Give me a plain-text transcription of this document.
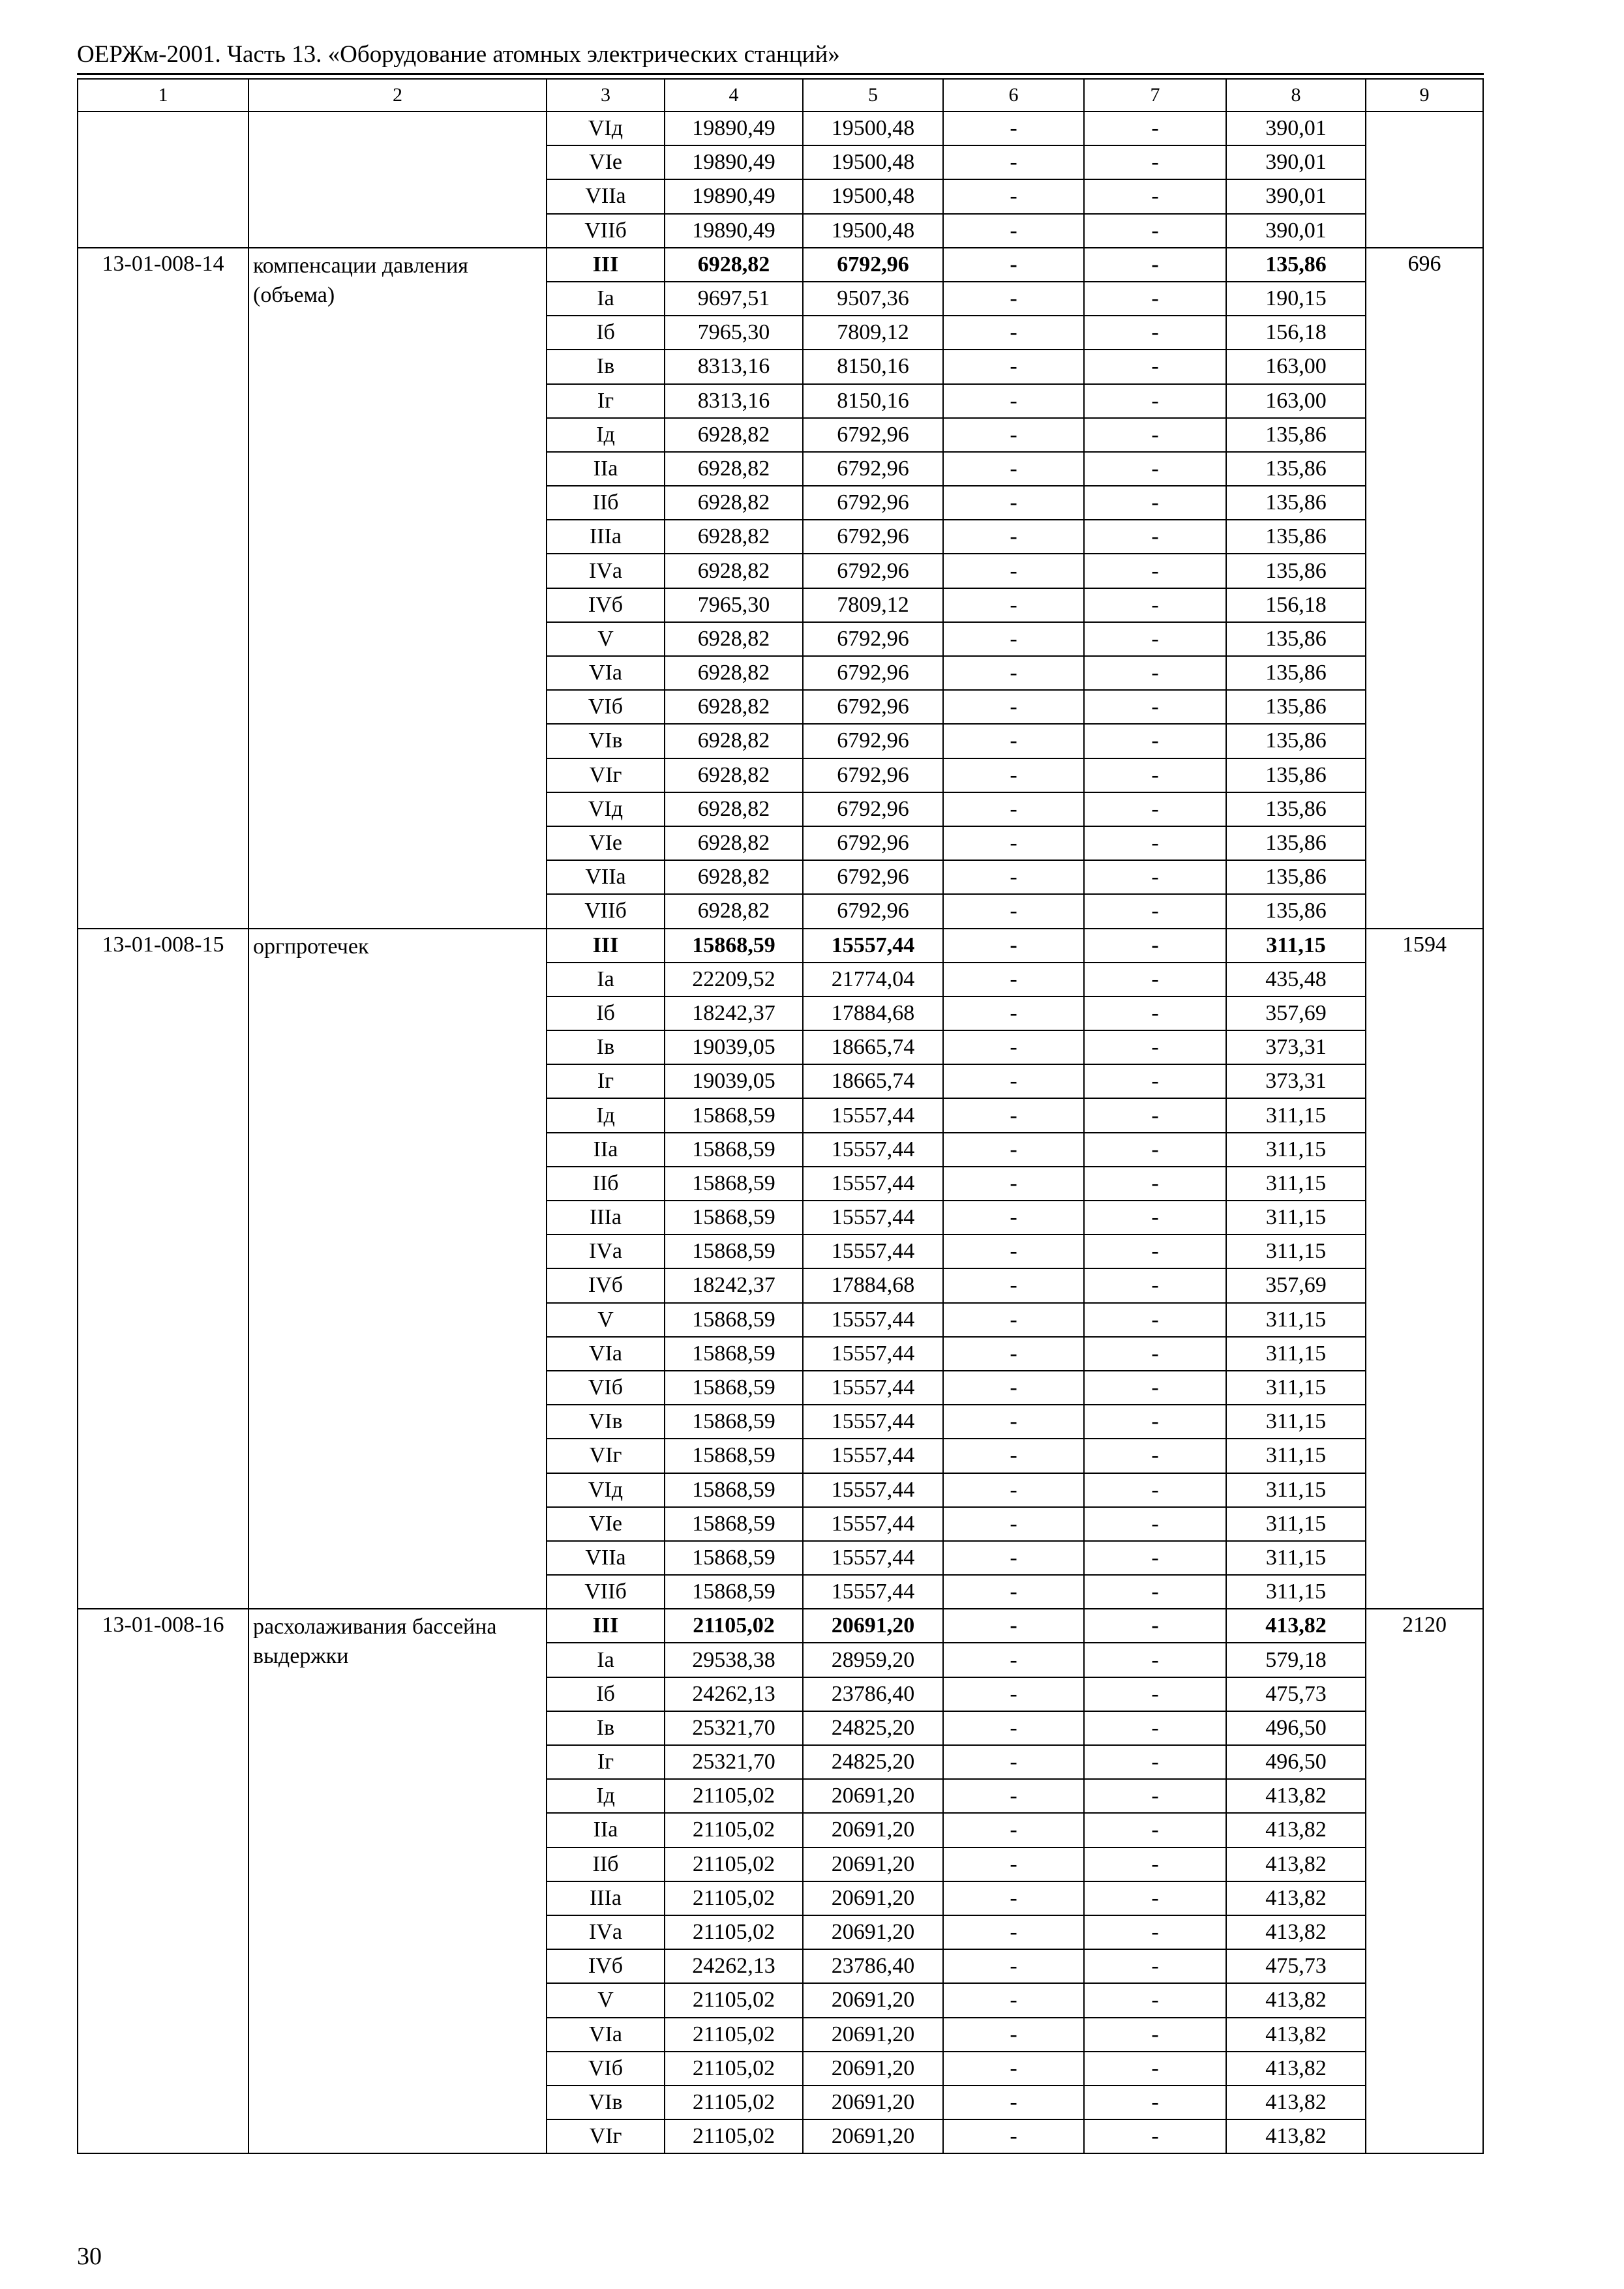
ОЕРЖм-2001. Часть 13. «Оборудование атомных электрических станций»
1	2	3	4	5	6	7	8	9
		VIд	19890,49	19500,48	-	-	390,01	
		VIе	19890,49	19500,48	-	-	390,01	
		VIIа	19890,49	19500,48	-	-	390,01	
		VIIб	19890,49	19500,48	-	-	390,01	
13-01-008-14	компенсации давления (объема)	III	6928,82	6792,96	-	-	135,86	696
		Iа	9697,51	9507,36	-	-	190,15	
		Iб	7965,30	7809,12	-	-	156,18	
		Iв	8313,16	8150,16	-	-	163,00	
		Iг	8313,16	8150,16	-	-	163,00	
		Iд	6928,82	6792,96	-	-	135,86	
		IIа	6928,82	6792,96	-	-	135,86	
		IIб	6928,82	6792,96	-	-	135,86	
		IIIа	6928,82	6792,96	-	-	135,86	
		IVа	6928,82	6792,96	-	-	135,86	
		IVб	7965,30	7809,12	-	-	156,18	
		V	6928,82	6792,96	-	-	135,86	
		VIа	6928,82	6792,96	-	-	135,86	
		VIб	6928,82	6792,96	-	-	135,86	
		VIв	6928,82	6792,96	-	-	135,86	
		VIг	6928,82	6792,96	-	-	135,86	
		VIд	6928,82	6792,96	-	-	135,86	
		VIе	6928,82	6792,96	-	-	135,86	
		VIIа	6928,82	6792,96	-	-	135,86	
		VIIб	6928,82	6792,96	-	-	135,86	
13-01-008-15	оргпротечек	III	15868,59	15557,44	-	-	311,15	1594
		Iа	22209,52	21774,04	-	-	435,48	
		Iб	18242,37	17884,68	-	-	357,69	
		Iв	19039,05	18665,74	-	-	373,31	
		Iг	19039,05	18665,74	-	-	373,31	
		Iд	15868,59	15557,44	-	-	311,15	
		IIа	15868,59	15557,44	-	-	311,15	
		IIб	15868,59	15557,44	-	-	311,15	
		IIIа	15868,59	15557,44	-	-	311,15	
		IVа	15868,59	15557,44	-	-	311,15	
		IVб	18242,37	17884,68	-	-	357,69	
		V	15868,59	15557,44	-	-	311,15	
		VIа	15868,59	15557,44	-	-	311,15	
		VIб	15868,59	15557,44	-	-	311,15	
		VIв	15868,59	15557,44	-	-	311,15	
		VIг	15868,59	15557,44	-	-	311,15	
		VIд	15868,59	15557,44	-	-	311,15	
		VIе	15868,59	15557,44	-	-	311,15	
		VIIа	15868,59	15557,44	-	-	311,15	
		VIIб	15868,59	15557,44	-	-	311,15	
13-01-008-16	расхолаживания бассейна выдержки	III	21105,02	20691,20	-	-	413,82	2120
		Iа	29538,38	28959,20	-	-	579,18	
		Iб	24262,13	23786,40	-	-	475,73	
		Iв	25321,70	24825,20	-	-	496,50	
		Iг	25321,70	24825,20	-	-	496,50	
		Iд	21105,02	20691,20	-	-	413,82	
		IIа	21105,02	20691,20	-	-	413,82	
		IIб	21105,02	20691,20	-	-	413,82	
		IIIа	21105,02	20691,20	-	-	413,82	
		IVа	21105,02	20691,20	-	-	413,82	
		IVб	24262,13	23786,40	-	-	475,73	
		V	21105,02	20691,20	-	-	413,82	
		VIа	21105,02	20691,20	-	-	413,82	
		VIб	21105,02	20691,20	-	-	413,82	
		VIв	21105,02	20691,20	-	-	413,82	
		VIг	21105,02	20691,20	-	-	413,82	
30
